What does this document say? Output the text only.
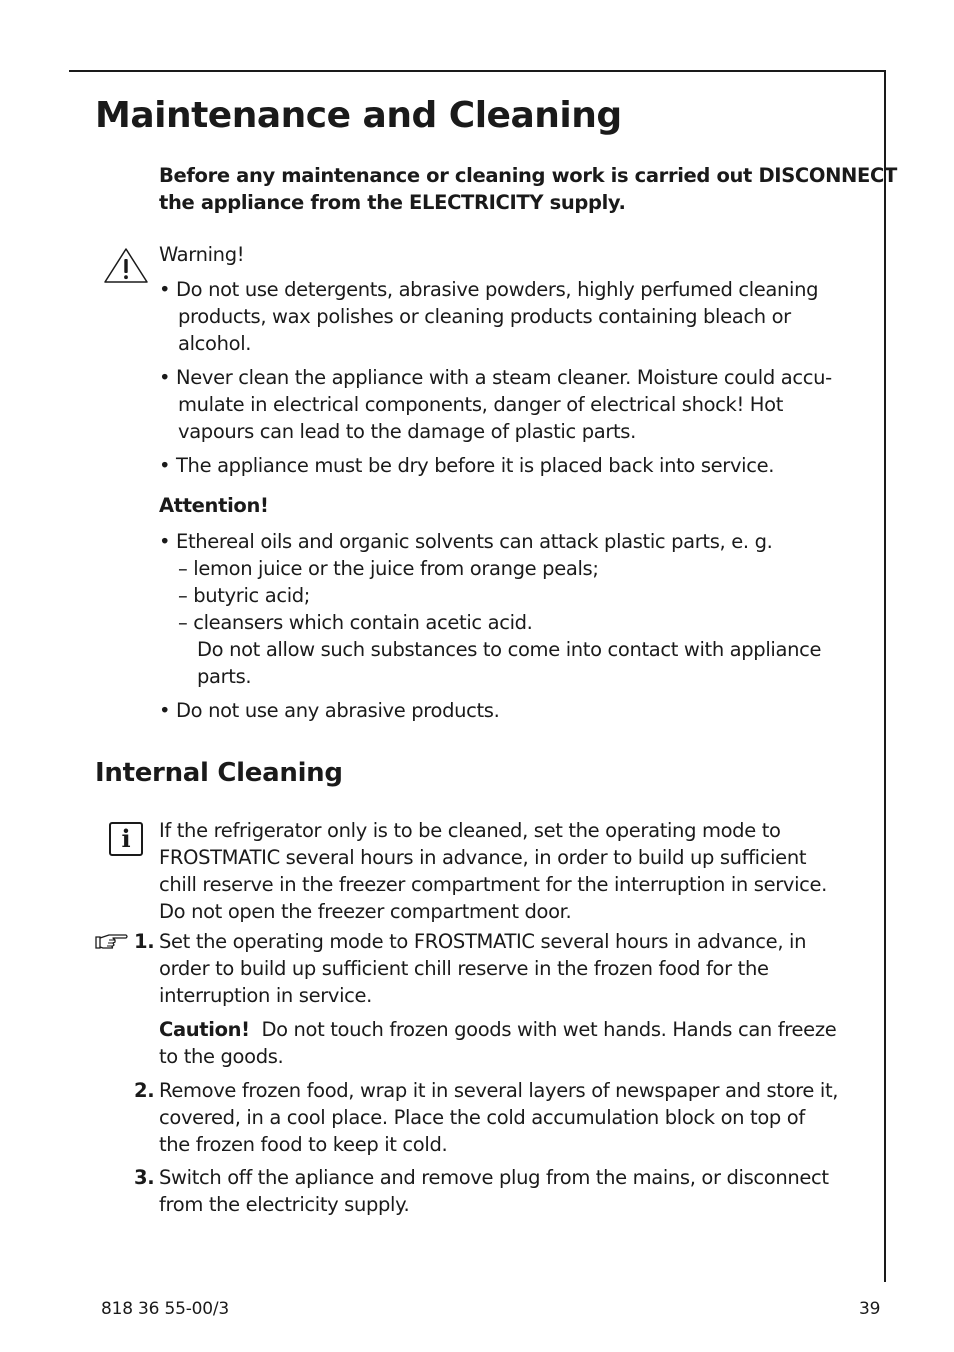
Maintenance and Cleaning
Before any maintenance or cleaning work is carried out DISCONNECT
the appliance from the ELECTRICITY supply.
Warning!
• Do not use detergents, abrasive powders, highly perfumed cleaning
products, wax polishes or cleaning products containing bleach or
alcohol.
• Never clean the appliance with a steam cleaner. Moisture could accu-
mulate in electrical components, danger of electrical shock! Hot
vapours can lead to the damage of plastic parts.
• The appliance must be dry before it is placed back into service.
Attention!
• Ethereal oils and organic solvents can attack plastic parts, e. g.
– lemon juice or the juice from orange peals;
– butyric acid;
– cleansers which contain acetic acid.
Do not allow such substances to come into contact with appliance
parts.
• Do not use any abrasive products.
Internal Cleaning
i	If the refrigerator only is to be cleaned, set the operating mode to
FROSTMATIC several hours in advance, in order to build up sufficient
chill reserve in the freezer compartment for the interruption in service.
Do not open the freezer compartment door.
1. Set the operating mode to FROSTMATIC several hours in advance, in
order to build up sufficient chill reserve in the frozen food for the
interruption in service.
Caution! Do not touch frozen goods with wet hands. Hands can freeze
to the goods.
2. Remove frozen food, wrap it in several layers of newspaper and store it,
covered, in a cool place. Place the cold accumulation block on top of
the frozen food to keep it cold.
3. Switch off the apliance and remove plug from the mains, or disconnect
from the electricity supply.
818 36 55-00/3	39
